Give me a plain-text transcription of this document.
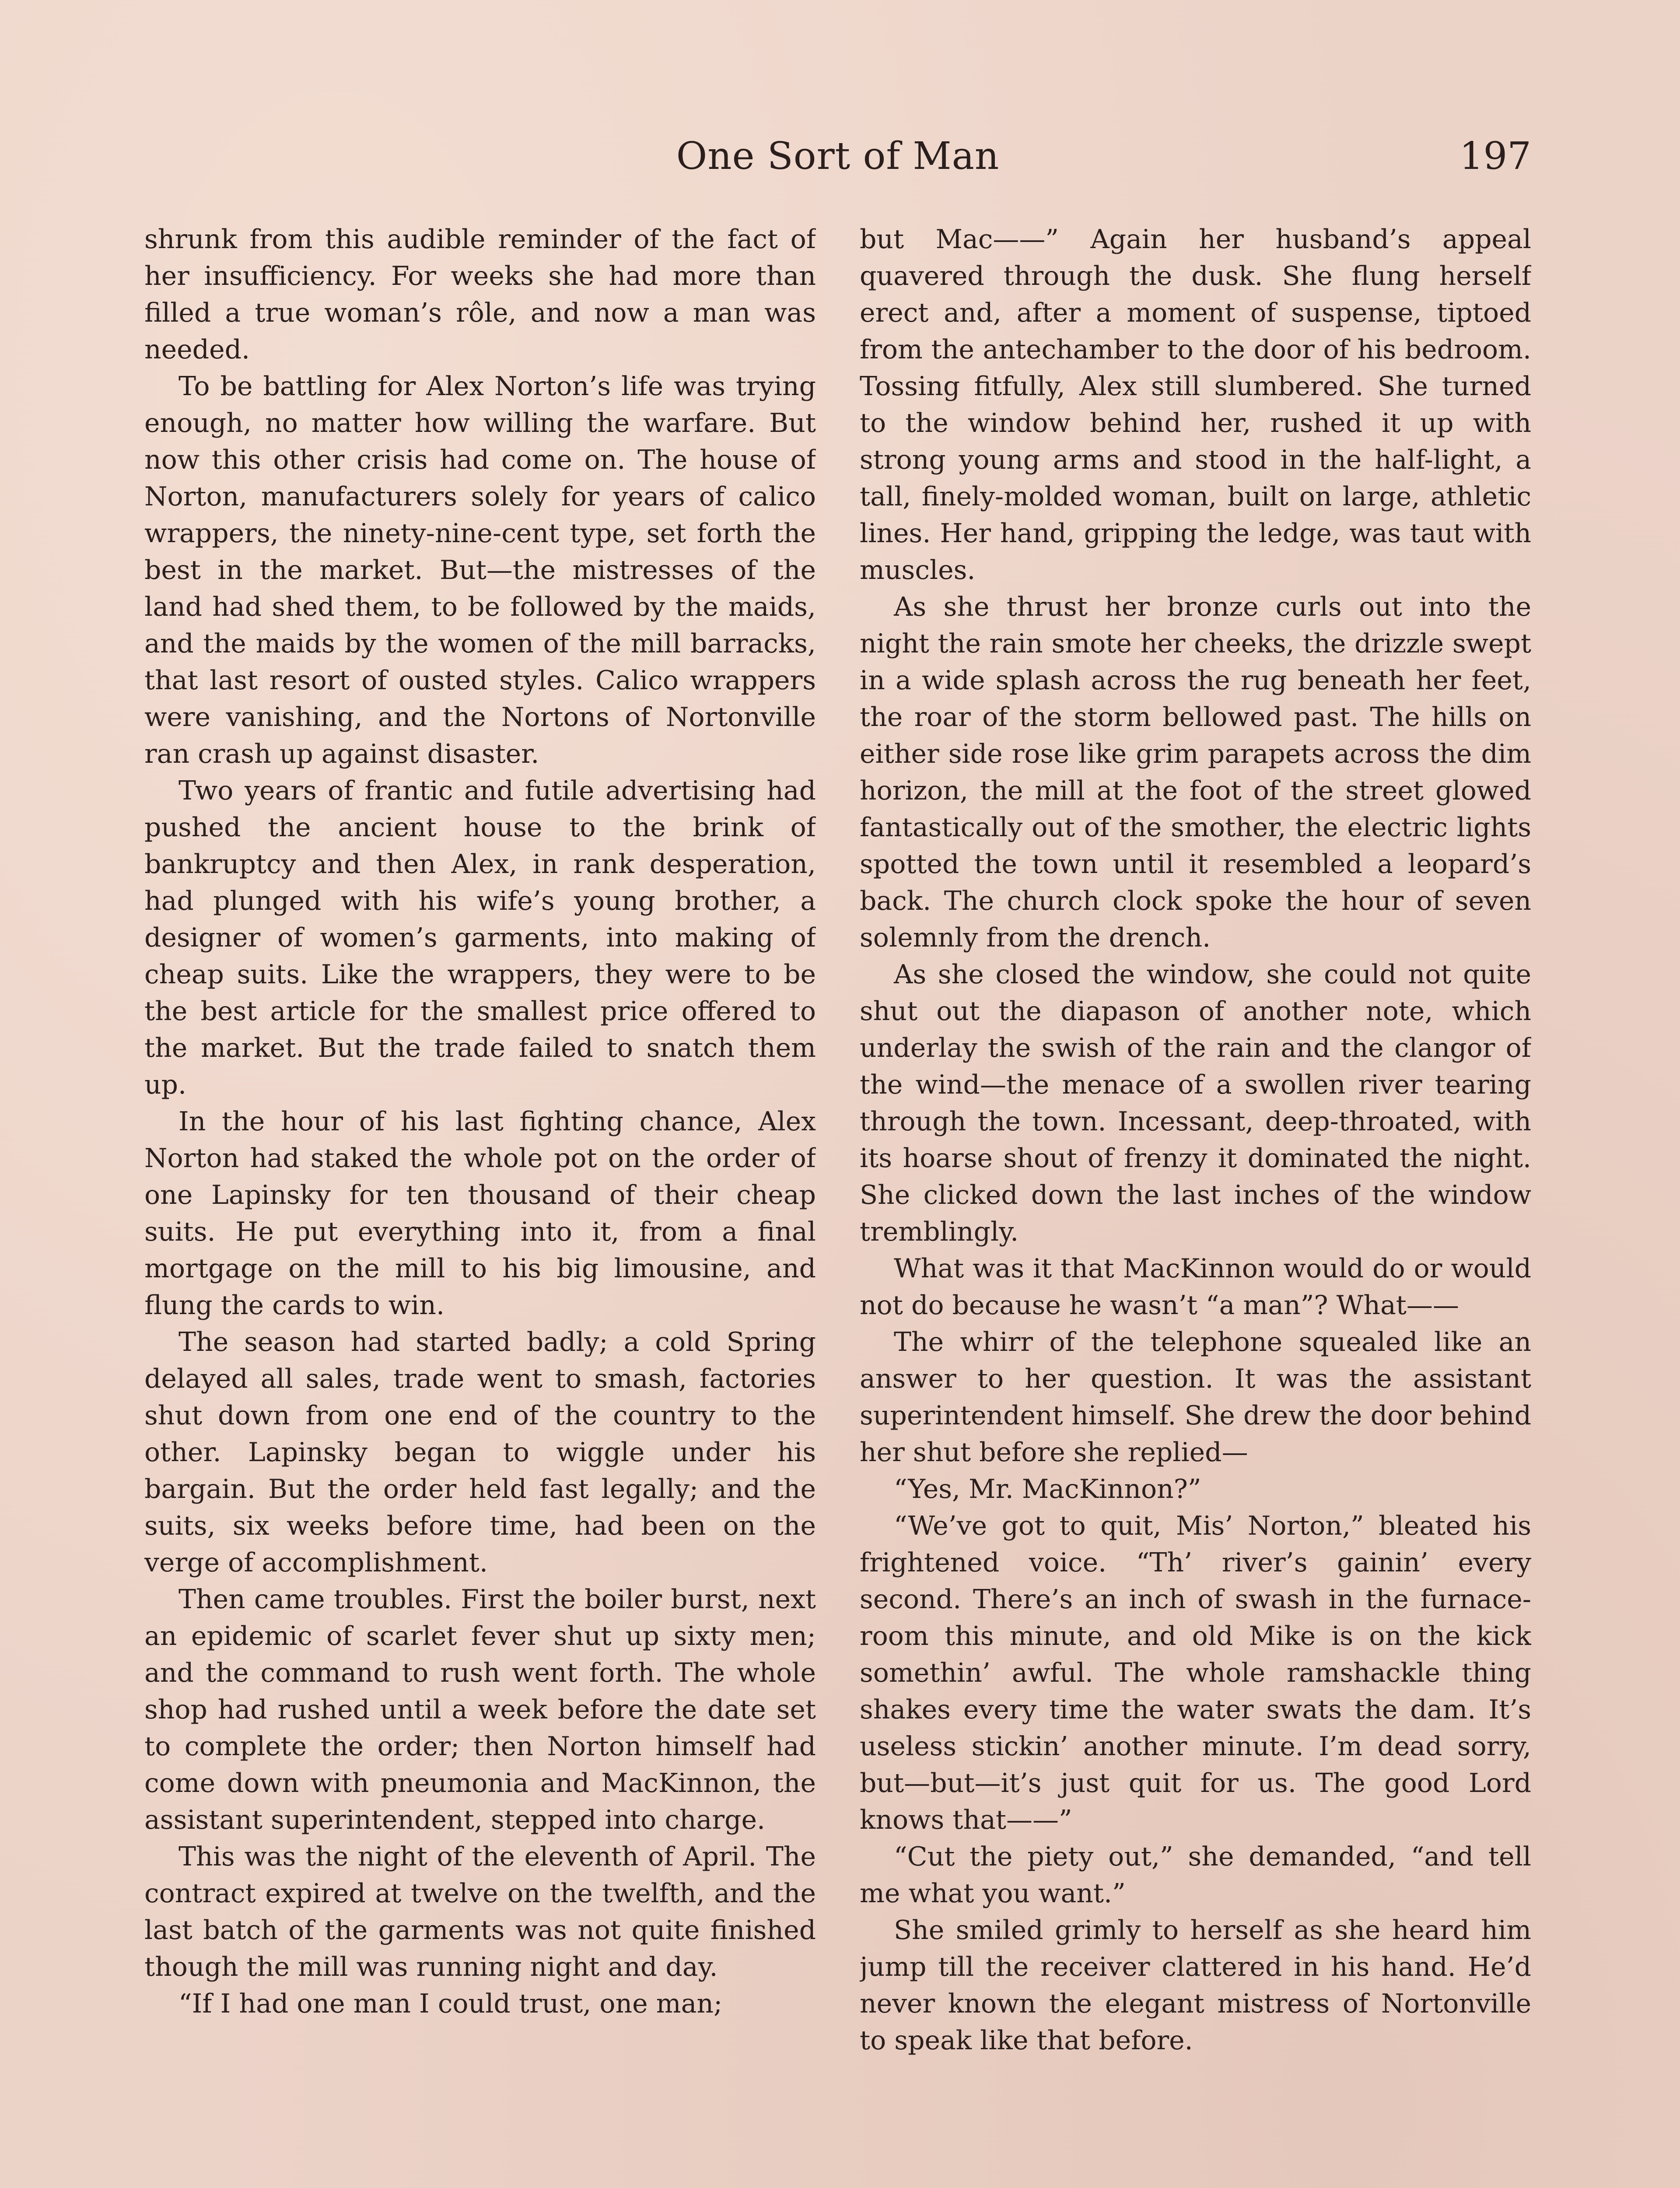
One Sort of Man	197

shrunk from this audible reminder of the fact of her insufficiency. For weeks she had more than filled a true woman’s rôle, and now a man was needed.

To be battling for Alex Norton’s life was trying enough, no matter how willing the warfare. But now this other crisis had come on. The house of Norton, manufacturers solely for years of calico wrappers, the ninety-nine-cent type, set forth the best in the market. But—the mistresses of the land had shed them, to be followed by the maids, and the maids by the women of the mill barracks, that last resort of ousted styles. Calico wrappers were vanishing, and the Nortons of Nortonville ran crash up against disaster.

Two years of frantic and futile advertising had pushed the ancient house to the brink of bankruptcy and then Alex, in rank desperation, had plunged with his wife’s young brother, a designer of women’s garments, into making of cheap suits. Like the wrappers, they were to be the best article for the smallest price offered to the market. But the trade failed to snatch them up.

In the hour of his last fighting chance, Alex Norton had staked the whole pot on the order of one Lapinsky for ten thousand of their cheap suits. He put everything into it, from a final mortgage on the mill to his big limousine, and flung the cards to win.

The season had started badly; a cold Spring delayed all sales, trade went to smash, factories shut down from one end of the country to the other. Lapinsky began to wiggle under his bargain. But the order held fast legally; and the suits, six weeks before time, had been on the verge of accomplishment.

Then came troubles. First the boiler burst, next an epidemic of scarlet fever shut up sixty men; and the command to rush went forth. The whole shop had rushed until a week before the date set to complete the order; then Norton himself had come down with pneumonia and MacKinnon, the assistant superintendent, stepped into charge.

This was the night of the eleventh of April. The contract expired at twelve on the twelfth, and the last batch of the garments was not quite finished though the mill was running night and day.

“If I had one man I could trust, one man;

but Mac——” Again her husband’s appeal quavered through the dusk. She flung herself erect and, after a moment of suspense, tiptoed from the antechamber to the door of his bedroom. Tossing fitfully, Alex still slumbered. She turned to the window behind her, rushed it up with strong young arms and stood in the half-light, a tall, finely-molded woman, built on large, athletic lines. Her hand, gripping the ledge, was taut with muscles.

As she thrust her bronze curls out into the night the rain smote her cheeks, the drizzle swept in a wide splash across the rug beneath her feet, the roar of the storm bellowed past. The hills on either side rose like grim parapets across the dim horizon, the mill at the foot of the street glowed fantastically out of the smother, the electric lights spotted the town until it resembled a leopard’s back. The church clock spoke the hour of seven solemnly from the drench.

As she closed the window, she could not quite shut out the diapason of another note, which underlay the swish of the rain and the clangor of the wind—the menace of a swollen river tearing through the town. Incessant, deep-throated, with its hoarse shout of frenzy it dominated the night. She clicked down the last inches of the window tremblingly.

What was it that MacKinnon would do or would not do because he wasn’t “a man”? What——

The whirr of the telephone squealed like an answer to her question. It was the assistant superintendent himself. She drew the door behind her shut before she replied—

“Yes, Mr. MacKinnon?”

“We’ve got to quit, Mis’ Norton,” bleated his frightened voice. “Th’ river’s gainin’ every second. There’s an inch of swash in the furnace-room this minute, and old Mike is on the kick somethin’ awful. The whole ramshackle thing shakes every time the water swats the dam. It’s useless stickin’ another minute. I’m dead sorry, but—but—it’s just quit for us. The good Lord knows that——”

“Cut the piety out,” she demanded, “and tell me what you want.”

She smiled grimly to herself as she heard him jump till the receiver clattered in his hand. He’d never known the elegant mistress of Nortonville to speak like that before.
